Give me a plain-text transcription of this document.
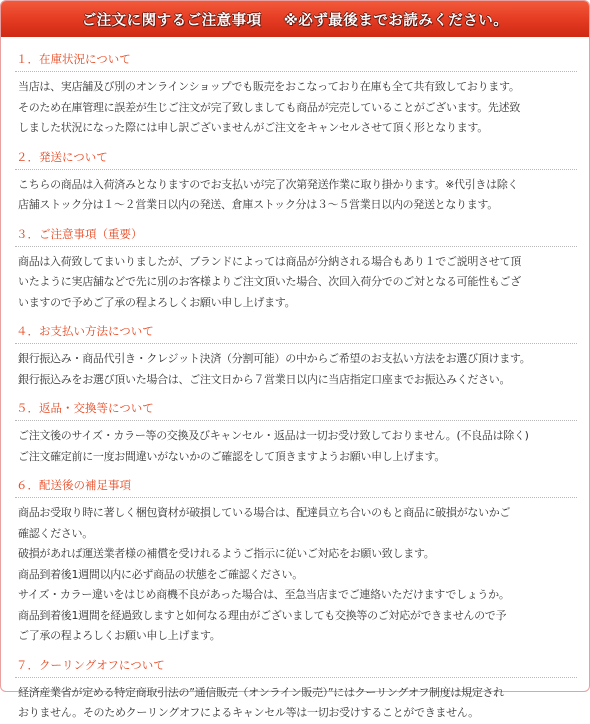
ご注文に関するご注意事項 ※必ず最後までお読みください。
１．在庫状況について
当店は、実店舗及び別のオンラインショップでも販売をおこなっており在庫も全て共有致しております。
そのため在庫管理に誤差が生じご注文が完了致しましても商品が完売していることがございます。先述致
しました状況になった際には申し訳ございませんがご注文をキャンセルさせて頂く形となります。
２．発送について
こちらの商品は入荷済みとなりますのでお支払いが完了次第発送作業に取り掛かります。※代引きは除く
店舗ストック分は１～２営業日以内の発送、倉庫ストック分は３～５営業日以内の発送となります。
３．ご注意事項（重要）
商品は入荷致してまいりましたが、ブランドによっては商品が分納される場合もあり１でご説明させて頂
いたように実店舗などで先に別のお客様よりご注文頂いた場合、次回入荷分でのご対となる可能性もござ
いますので予めご了承の程よろしくお願い申し上げます。
４．お支払い方法について
銀行振込み・商品代引き・クレジット決済（分割可能）の中からご希望のお支払い方法をお選び頂けます。
銀行振込みをお選び頂いた場合は、ご注文日から７営業日以内に当店指定口座までお振込みください。
５．返品・交換等について
ご注文後のサイズ・カラー等の交換及びキャンセル・返品は一切お受け致しておりません。(不良品は除く)
ご注文確定前に一度お間違いがないかのご確認をして頂きますようお願い申し上げます。
６．配送後の補足事項
商品お受取り時に著しく梱包資材が破損している場合は、配達員立ち合いのもと商品に破損がないかご
確認ください。
破損があれば運送業者様の補償を受けれるようご指示に従いご対応をお願い致します。
商品到着後1週間以内に必ず商品の状態をご確認ください。
サイズ・カラー違いをはじめ商機不良があった場合は、至急当店までご連絡いただけますでしょうか。
商品到着後1週間を経過致しますと如何なる理由がございましても交換等のご対応ができませんので予
ご了承の程よろしくお願い申し上げます。
７．クーリングオフについて
経済産業省が定める特定商取引法の”通信販売（オンライン販売）”にはクーリングオフ制度は規定され
おりません。そのためクーリングオフによるキャンセル等は一切お受けすることができません。
